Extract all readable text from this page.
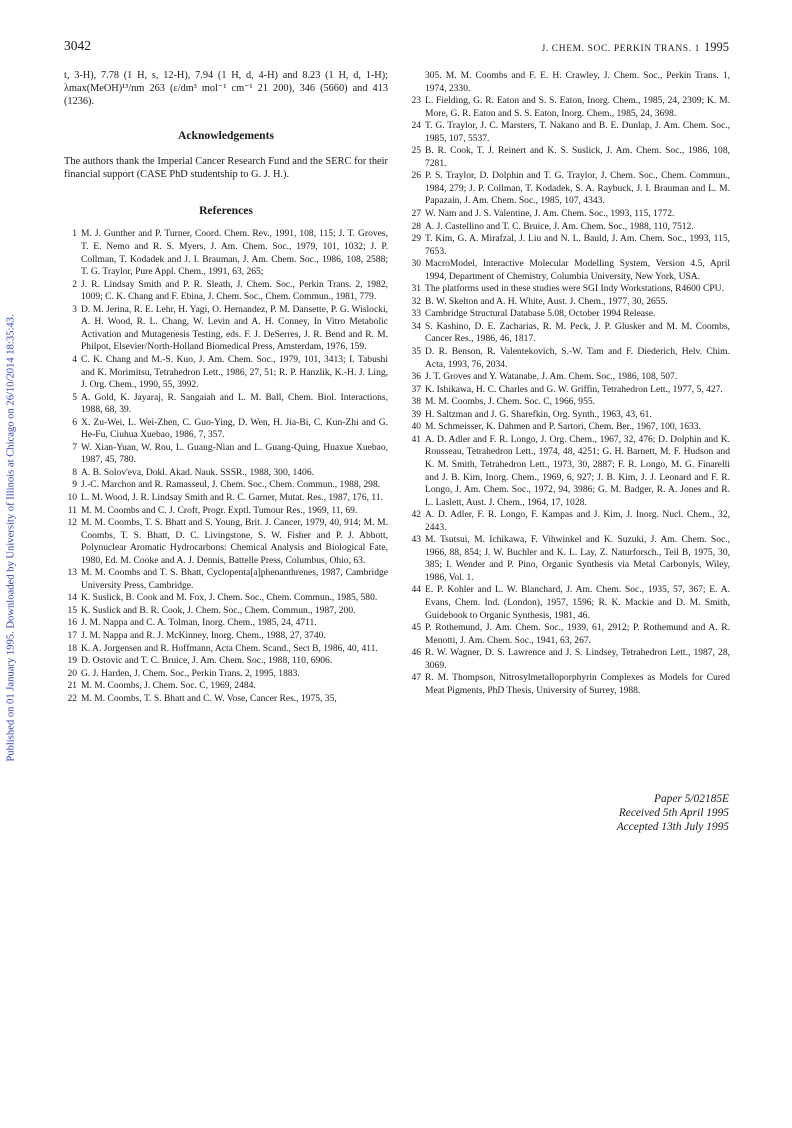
3042	J. CHEM. SOC. PERKIN TRANS. 1 1995
Published on 01 January 1995. Downloaded by University of Illinois at Chicago on 26/10/2014 18:35:43.

t, 3-H), 7.78 (1 H, s, 12-H), 7.94 (1 H, d, 4-H) and 8.23 (1 H, d, 1-H); λmax(MeOH)¹³/nm 263 (ε/dm³ mol⁻¹ cm⁻¹ 21 200), 346 (5660) and 413 (1236).

Acknowledgements

The authors thank the Imperial Cancer Research Fund and the SERC for their financial support (CASE PhD studentship to G. J. H.).

References

1 M. J. Gunther and P. Turner, Coord. Chem. Rev., 1991, 108, 115; J. T. Groves, T. E. Nemo and R. S. Myers, J. Am. Chem. Soc., 1979, 101, 1032; J. P. Collman, T. Kodadek and J. I. Brauman, J. Am. Chem. Soc., 1986, 108, 2588; T. G. Traylor, Pure Appl. Chem., 1991, 63, 265;

2 J. R. Lindsay Smith and P. R. Sleath, J. Chem. Soc., Perkin Trans. 2, 1982, 1009; C. K. Chang and F. Ebina, J. Chem. Soc., Chem. Commun., 1981, 779.

3 D. M. Jerina, R. E. Lehr, H. Yagi, O. Hernandez, P. M. Dansette, P. G. Wislocki, A. H. Wood, R. L. Chang, W. Levin and A. H. Conney, In Vitro Metabolic Activation and Mutagenesis Testing, eds. F. J. DeSerres, J. R. Bend and R. M. Philpot, Elsevier/North-Holland Biomedical Press, Amsterdam, 1976, 159.

4 C. K. Chang and M.-S. Kuo, J. Am. Chem. Soc., 1979, 101, 3413; I. Tabushi and K. Morimitsu, Tetrahedron Lett., 1986, 27, 51; R. P. Hanzlik, K.-H. J. Ling, J. Org. Chem., 1990, 55, 3992.

5 A. Gold, K. Jayaraj, R. Sangaiah and L. M. Ball, Chem. Biol. Interactions, 1988, 68, 39.

6 X. Zu-Wei, L. Wei-Zhen, C. Guo-Ying, D. Wen, H. Jia-Bi, C. Kun-Zhi and G. He-Fu, Ciuhua Xuebao, 1986, 7, 357.

7 W. Xian-Yuan, W. Rou, L. Guang-Nian and L. Guang-Quing, Huaxue Xuebao, 1987, 45, 780.

8 A. B. Solov'eva, Dokl. Akad. Nauk. SSSR., 1988, 300, 1406.

9 J.-C. Marchon and R. Ramasseul, J. Chem. Soc., Chem. Commun., 1988, 298.

10 L. M. Wood, J. R. Lindsay Smith and R. C. Garner, Mutat. Res., 1987, 176, 11.

11 M. M. Coombs and C. J. Croft, Progr. Exptl. Tumour Res., 1969, 11, 69.

12 M. M. Coombs, T. S. Bhatt and S. Young, Brit. J. Cancer, 1979, 40, 914; M. M. Coombs, T. S. Bhatt, D. C. Livingstone, S. W. Fisher and P. J. Abbott, Polynuclear Aromatic Hydrocarbons: Chemical Analysis and Biological Fate, 1980, Ed. M. Cooke and A. J. Dennis, Battelle Press, Columbus, Ohio, 63.

13 M. M. Coombs and T. S. Bhatt, Cyclopenta[a]phenanthrenes, 1987, Cambridge University Press, Cambridge.

14 K. Suslick, B. Cook and M. Fox, J. Chem. Soc., Chem. Commun., 1985, 580.

15 K. Suslick and B. R. Cook, J. Chem. Soc., Chem. Commun., 1987, 200.

16 J. M. Nappa and C. A. Tolman, Inorg. Chem., 1985, 24, 4711.

17 J. M. Nappa and R. J. McKinney, Inorg. Chem., 1988, 27, 3740.

18 K. A. Jorgensen and R. Hoffmann, Acta Chem. Scand., Sect B, 1986, 40, 411.

19 D. Ostovic and T. C. Bruice, J. Am. Chem. Soc., 1988, 110, 6906.

20 G. J. Harden, J. Chem. Soc., Perkin Trans. 2, 1995, 1883.

21 M. M. Coombs, J. Chem. Soc. C, 1969, 2484.

22 M. M. Coombs, T. S. Bhatt and C. W. Vose, Cancer Res., 1975, 35,

305. M. M. Coombs and F. E. H. Crawley, J. Chem. Soc., Perkin Trans. 1, 1974, 2330.

23 L. Fielding, G. R. Eaton and S. S. Eaton, Inorg. Chem., 1985, 24, 2309; K. M. More, G. R. Eaton and S. S. Eaton, Inorg. Chem., 1985, 24, 3698.

24 T. G. Traylor, J. C. Marsters, T. Nakano and B. E. Dunlap, J. Am. Chem. Soc., 1985, 107, 5537.

25 B. R. Cook, T. J. Reinert and K. S. Suslick, J. Am. Chem. Soc., 1986, 108, 7281.

26 P. S. Traylor, D. Dolphin and T. G. Traylor, J. Chem. Soc., Chem. Commun., 1984, 279; J. P. Collman, T. Kodadek, S. A. Raybuck, J. I. Brauman and L. M. Papazain, J. Am. Chem. Soc., 1985, 107, 4343.

27 W. Nam and J. S. Valentine, J. Am. Chem. Soc., 1993, 115, 1772.

28 A. J. Castellino and T. C. Bruice, J. Am. Chem. Soc., 1988, 110, 7512.

29 T. Kim, G. A. Mirafzal, J. Liu and N. L. Bauld, J. Am. Chem. Soc., 1993, 115, 7653.

30 MacroModel, Interactive Molecular Modelling System, Version 4.5, April 1994, Department of Chemistry, Columbia University, New York, USA.

31 The platforms used in these studies were SGI Indy Workstations, R4600 CPU.

32 B. W. Skelton and A. H. White, Aust. J. Chem., 1977, 30, 2655.

33 Cambridge Structural Database 5.08, October 1994 Release.

34 S. Kashino, D. E. Zacharias, R. M. Peck, J. P. Glusker and M. M. Coombs, Cancer Res., 1986, 46, 1817.

35 D. R. Benson, R. Valentekovich, S.-W. Tam and F. Diederich, Helv. Chim. Acta, 1993, 76, 2034.

36 J. T. Groves and Y. Watanabe, J. Am. Chem. Soc., 1986, 108, 507.

37 K. Ishikawa, H. C. Charles and G. W. Griffin, Tetrahedron Lett., 1977, 5, 427.

38 M. M. Coombs, J. Chem. Soc. C, 1966, 955.

39 H. Saltzman and J. G. Sharefkin, Org. Synth., 1963, 43, 61.

40 M. Schmeisser, K. Dahmen and P. Sartori, Chem. Ber., 1967, 100, 1633.

41 A. D. Adler and F. R. Longo, J. Org. Chem., 1967, 32, 476; D. Dolphin and K. Rousseau, Tetrahedron Lett., 1974, 48, 4251; G. H. Barnett, M. F. Hudson and K. M. Smith, Tetrahedron Lett., 1973, 30, 2887; F. R. Longo, M. G. Finarelli and J. B. Kim, Inorg. Chem., 1969, 6, 927; J. B. Kim, J. J. Leonard and F. R. Longo, J. Am. Chem. Soc., 1972, 94, 3986; G. M. Badger, R. A. Jones and R. L. Laslett, Aust. J. Chem., 1964, 17, 1028.

42 A. D. Adler, F. R. Longo, F. Kampas and J. Kim, J. Inorg. Nucl. Chem., 32, 2443.

43 M. Tsutsui, M. Ichikawa, F. Vihwinkel and K. Suzuki, J. Am. Chem. Soc., 1966, 88, 854; J. W. Buchler and K. L. Lay, Z. Naturforsch., Teil B, 1975, 30, 385; I. Wender and P. Pino, Organic Synthesis via Metal Carbonyls, Wiley, 1986, Vol. 1.

44 E. P. Kohler and L. W. Blanchard, J. Am. Chem. Soc., 1935, 57, 367; E. A. Evans, Chem. Ind. (London), 1957, 1596; R. K. Mackie and D. M. Smith, Guidebook to Organic Synthesis, 1981, 46.

45 P. Rothemund, J. Am. Chem. Soc., 1939, 61, 2912; P. Rothemund and A. R. Menotti, J. Am. Chem. Soc., 1941, 63, 267.

46 R. W. Wagner, D. S. Lawrence and J. S. Lindsey, Tetrahedron Lett., 1987, 28, 3069.

47 R. M. Thompson, Nitrosylmetalloporphyrin Complexes as Models for Cured Meat Pigments, PhD Thesis, University of Surrey, 1988.

Paper 5/02185E
Received 5th April 1995
Accepted 13th July 1995
